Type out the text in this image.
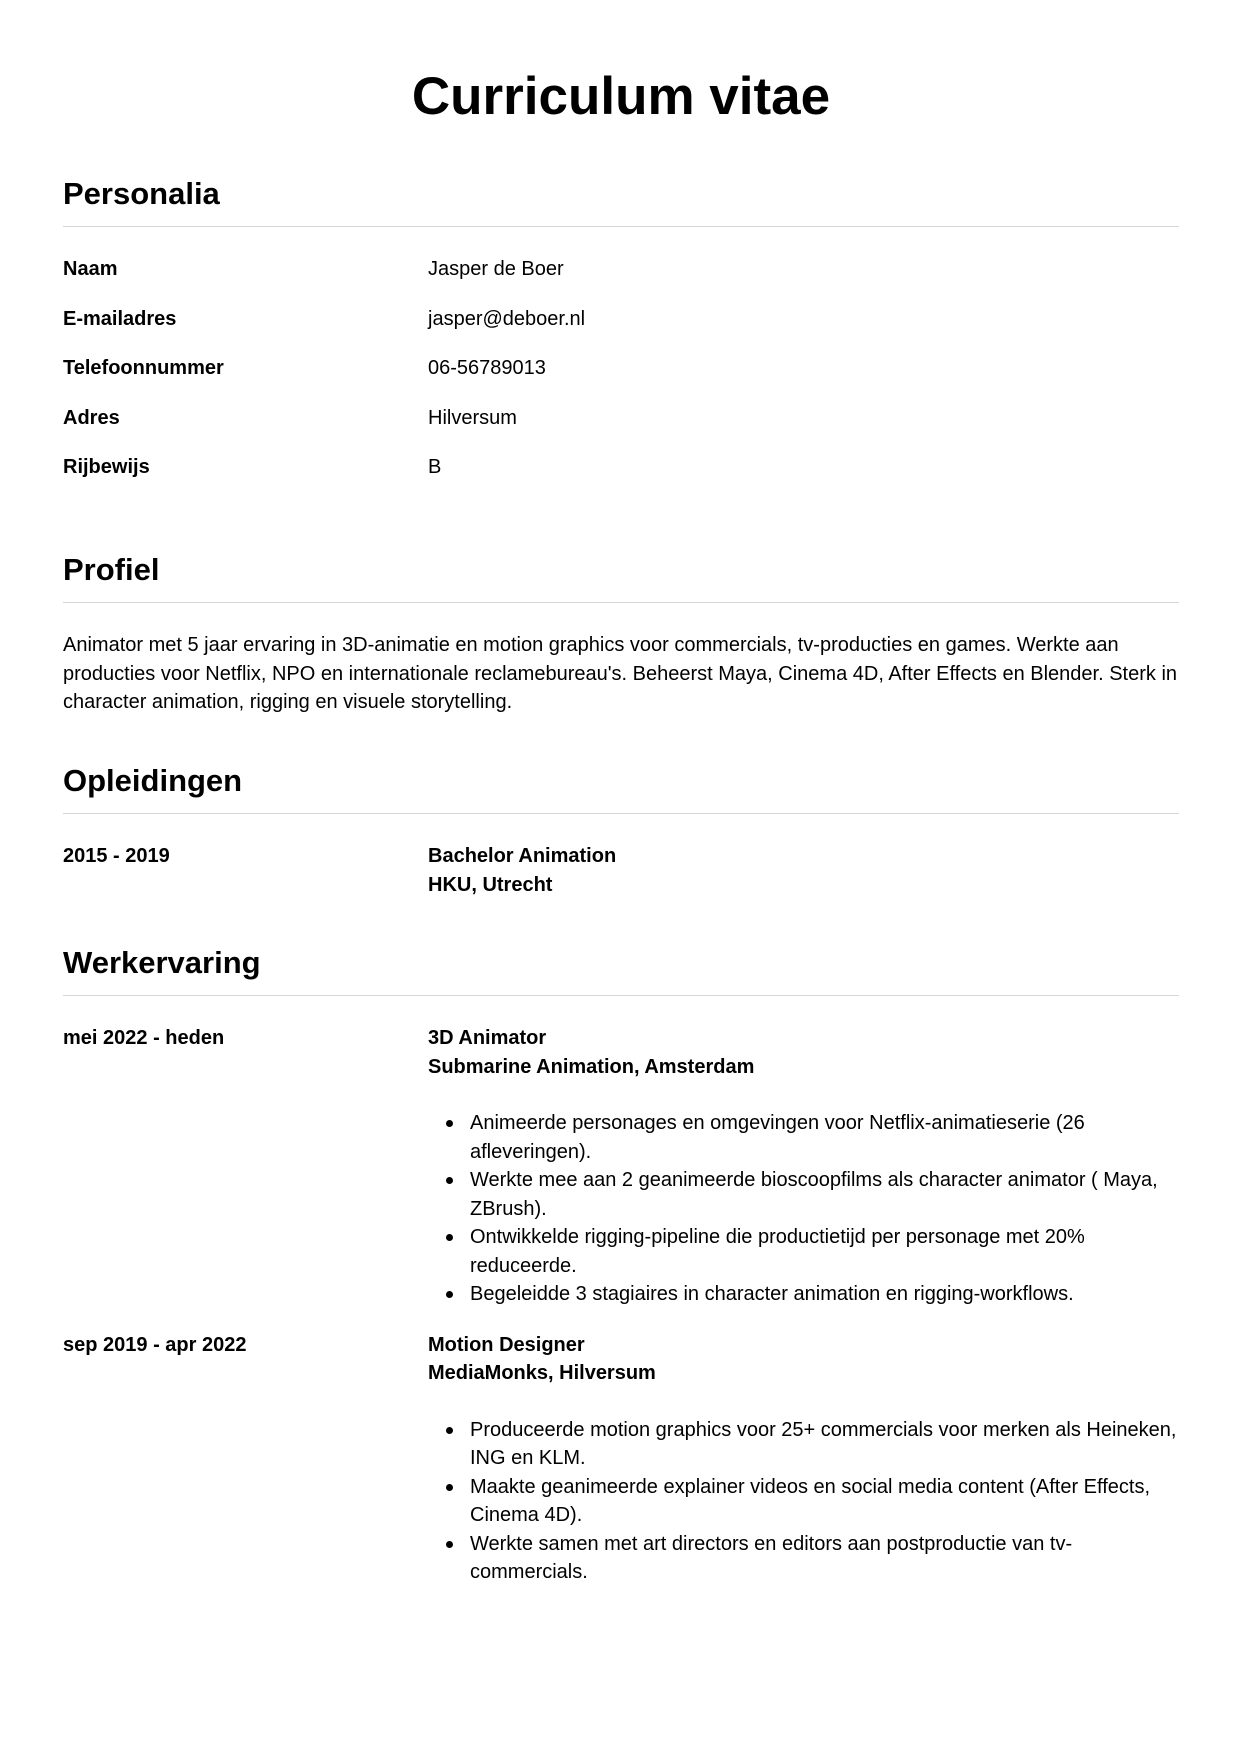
Curriculum vitae
Personalia
Naam	Jasper de Boer
E-mailadres	jasper@deboer.nl
Telefoonnummer	06-56789013
Adres	Hilversum
Rijbewijs	B
Profiel

Animator met 5 jaar ervaring in 3D-animatie en motion graphics voor commercials, tv-producties en games. Werkte aan producties voor Netflix, NPO en internationale reclamebureau's. Beheerst Maya, Cinema 4D, After Effects en Blender. Sterk in character animation, rigging en visuele storytelling.

Opleidingen
2015 - 2019	Bachelor Animation
HKU, Utrecht
Werkervaring
mei 2022 - heden	3D Animator
Submarine Animation, Amsterdam
Animeerde personages en omgevingen voor Netflix-animatieserie (26 afleveringen).
Werkte mee aan 2 geanimeerde bioscoopfilms als character animator ( Maya, ZBrush).
Ontwikkelde rigging-pipeline die productietijd per personage met 20% reduceerde.
Begeleidde 3 stagiaires in character animation en rigging-workflows.
sep 2019 - apr 2022	Motion Designer
MediaMonks, Hilversum
Produceerde motion graphics voor 25+ commercials voor merken als Heineken, ING en KLM.
Maakte geanimeerde explainer videos en social media content (After Effects, Cinema 4D).
Werkte samen met art directors en editors aan postproductie van tv-commercials.
